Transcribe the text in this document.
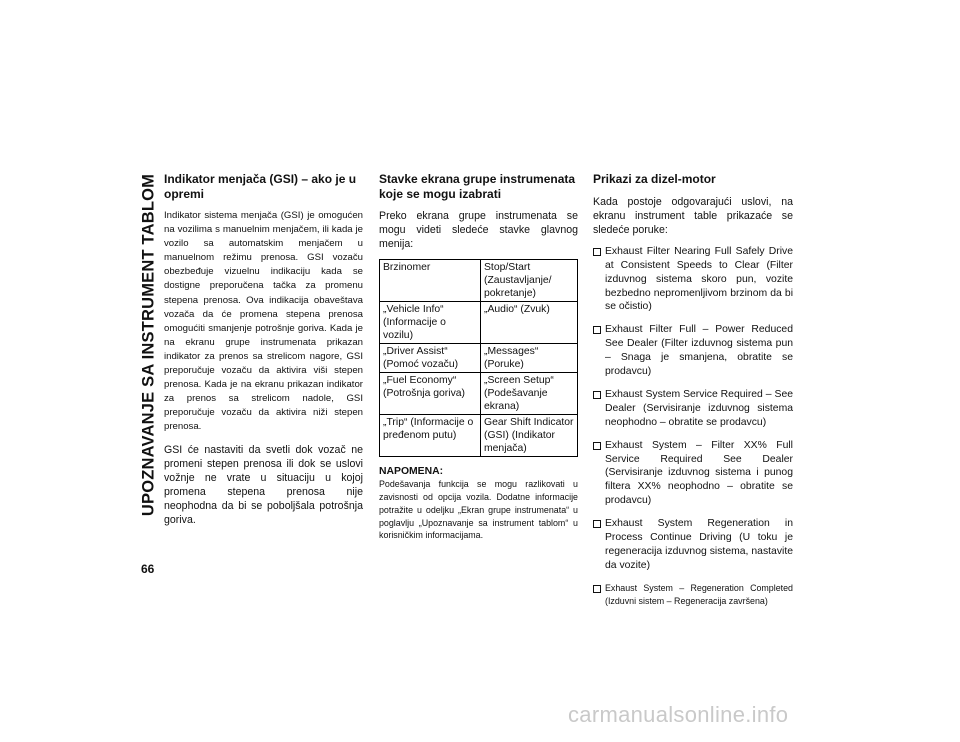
UPOZNAVANJE SA INSTRUMENT TABLOM
66
Indikator menjača (GSI) – ako je u opremi

Indikator sistema menjača (GSI) je omogućen na vozilima s manuelnim menjačem, ili kada je vozilo sa automatskim menjačem u manuelnom režimu prenosa. GSI vozaču obezbeđuje vizuelnu indikaciju kada se dostigne preporučena tačka za promenu stepena prenosa. Ova indikacija obaveštava vozača da će promena stepena prenosa omogućiti smanjenje potrošnje goriva. Kada je na ekranu grupe instrumenata prikazan indikator za prenos sa strelicom nagore, GSI preporučuje vozaču da aktivira viši stepen prenosa. Kada je na ekranu prikazan indikator za prenos sa strelicom nadole, GSI preporučuje vozaču da aktivira niži stepen prenosa.

GSI će nastaviti da svetli dok vozač ne promeni stepen prenosa ili dok se uslovi vožnje ne vrate u situaciju u kojoj promena stepena prenosa nije neophodna da bi se poboljšala potrošnja goriva.

Stavke ekrana grupe instrumenata koje se mogu izabrati

Preko ekrana grupe instrumenata se mogu videti sledeće stavke glavnog menija:

Brzinomer	Stop/Start (Zaustavljanje/ pokretanje)
„Vehicle Info“ (Informacije o vozilu)	„Audio“ (Zvuk)
„Driver Assist“ (Pomoć vozaču)	„Messages“ (Poruke)
„Fuel Economy“ (Potrošnja goriva)	„Screen Setup“ (Podešavanje ekrana)
„Trip“ (Informacije o pređenom putu)	Gear Shift Indicator (GSI) (Indikator menjača)
NAPOMENA:

Podešavanja funkcija se mogu razlikovati u zavisnosti od opcija vozila. Dodatne informacije potražite u odeljku „Ekran grupe instrumenata“ u poglavlju „Upoznavanje sa instrument tablom“ u korisničkim informacijama.

Prikazi za dizel-motor

Kada postoje odgovarajući uslovi, na ekranu instrument table prikazaće se sledeće poruke:

Exhaust Filter Nearing Full Safely Drive at Consistent Speeds to Clear (Filter izduvnog sistema skoro pun, vozite bezbedno nepromenljivom brzinom da bi se očistio)
Exhaust Filter Full – Power Reduced See Dealer (Filter izduvnog sistema pun – Snaga je smanjena, obratite se prodavcu)
Exhaust System Service Required – See Dealer (Servisiranje izduvnog sistema neophodno – obratite se prodavcu)
Exhaust System – Filter XX% Full Service Required See Dealer (Servisiranje izduvnog sistema i punog filtera XX% neophodno – obratite se prodavcu)
Exhaust System Regeneration in Process Continue Driving (U toku je regeneracija izduvnog sistema, nastavite da vozite)
Exhaust System – Regeneration Completed (Izduvni sistem – Regeneracija završena)
carmanualsonline.info
